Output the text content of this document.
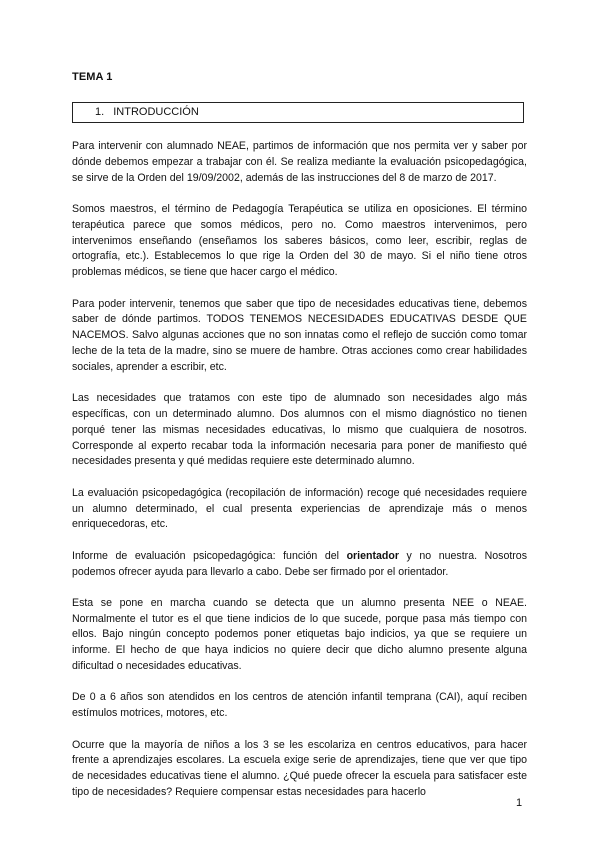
TEMA 1
1. INTRODUCCIÓN

Para intervenir con alumnado NEAE, partimos de información que nos permita ver y saber por dónde debemos empezar a trabajar con él. Se realiza mediante la evaluación psicopedagógica, se sirve de la Orden del 19/09/2002, además de las instrucciones del 8 de marzo de 2017.

Somos maestros, el término de Pedagogía Terapéutica se utiliza en oposiciones. El término terapéutica parece que somos médicos, pero no. Como maestros intervenimos, pero intervenimos enseñando (enseñamos los saberes básicos, como leer, escribir, reglas de ortografía, etc.). Establecemos lo que rige la Orden del 30 de mayo. Si el niño tiene otros problemas médicos, se tiene que hacer cargo el médico.

Para poder intervenir, tenemos que saber que tipo de necesidades educativas tiene, debemos saber de dónde partimos. TODOS TENEMOS NECESIDADES EDUCATIVAS DESDE QUE NACEMOS. Salvo algunas acciones que no son innatas como el reflejo de succión como tomar leche de la teta de la madre, sino se muere de hambre. Otras acciones como crear habilidades sociales, aprender a escribir, etc.

Las necesidades que tratamos con este tipo de alumnado son necesidades algo más específicas, con un determinado alumno. Dos alumnos con el mismo diagnóstico no tienen porqué tener las mismas necesidades educativas, lo mismo que cualquiera de nosotros. Corresponde al experto recabar toda la información necesaria para poner de manifiesto qué necesidades presenta y qué medidas requiere este determinado alumno.

La evaluación psicopedagógica (recopilación de información) recoge qué necesidades requiere un alumno determinado, el cual presenta experiencias de aprendizaje más o menos enriquecedoras, etc.

Informe de evaluación psicopedagógica: función del orientador y no nuestra. Nosotros podemos ofrecer ayuda para llevarlo a cabo. Debe ser firmado por el orientador.

Esta se pone en marcha cuando se detecta que un alumno presenta NEE o NEAE. Normalmente el tutor es el que tiene indicios de lo que sucede, porque pasa más tiempo con ellos. Bajo ningún concepto podemos poner etiquetas bajo indicios, ya que se requiere un informe. El hecho de que haya indicios no quiere decir que dicho alumno presente alguna dificultad o necesidades educativas.

De 0 a 6 años son atendidos en los centros de atención infantil temprana (CAI), aquí reciben estímulos motrices, motores, etc.

Ocurre que la mayoría de niños a los 3 se les escolariza en centros educativos, para hacer frente a aprendizajes escolares. La escuela exige serie de aprendizajes, tiene que ver que tipo de necesidades educativas tiene el alumno. ¿Qué puede ofrecer la escuela para satisfacer este tipo de necesidades? Requiere compensar estas necesidades para hacerlo

1
